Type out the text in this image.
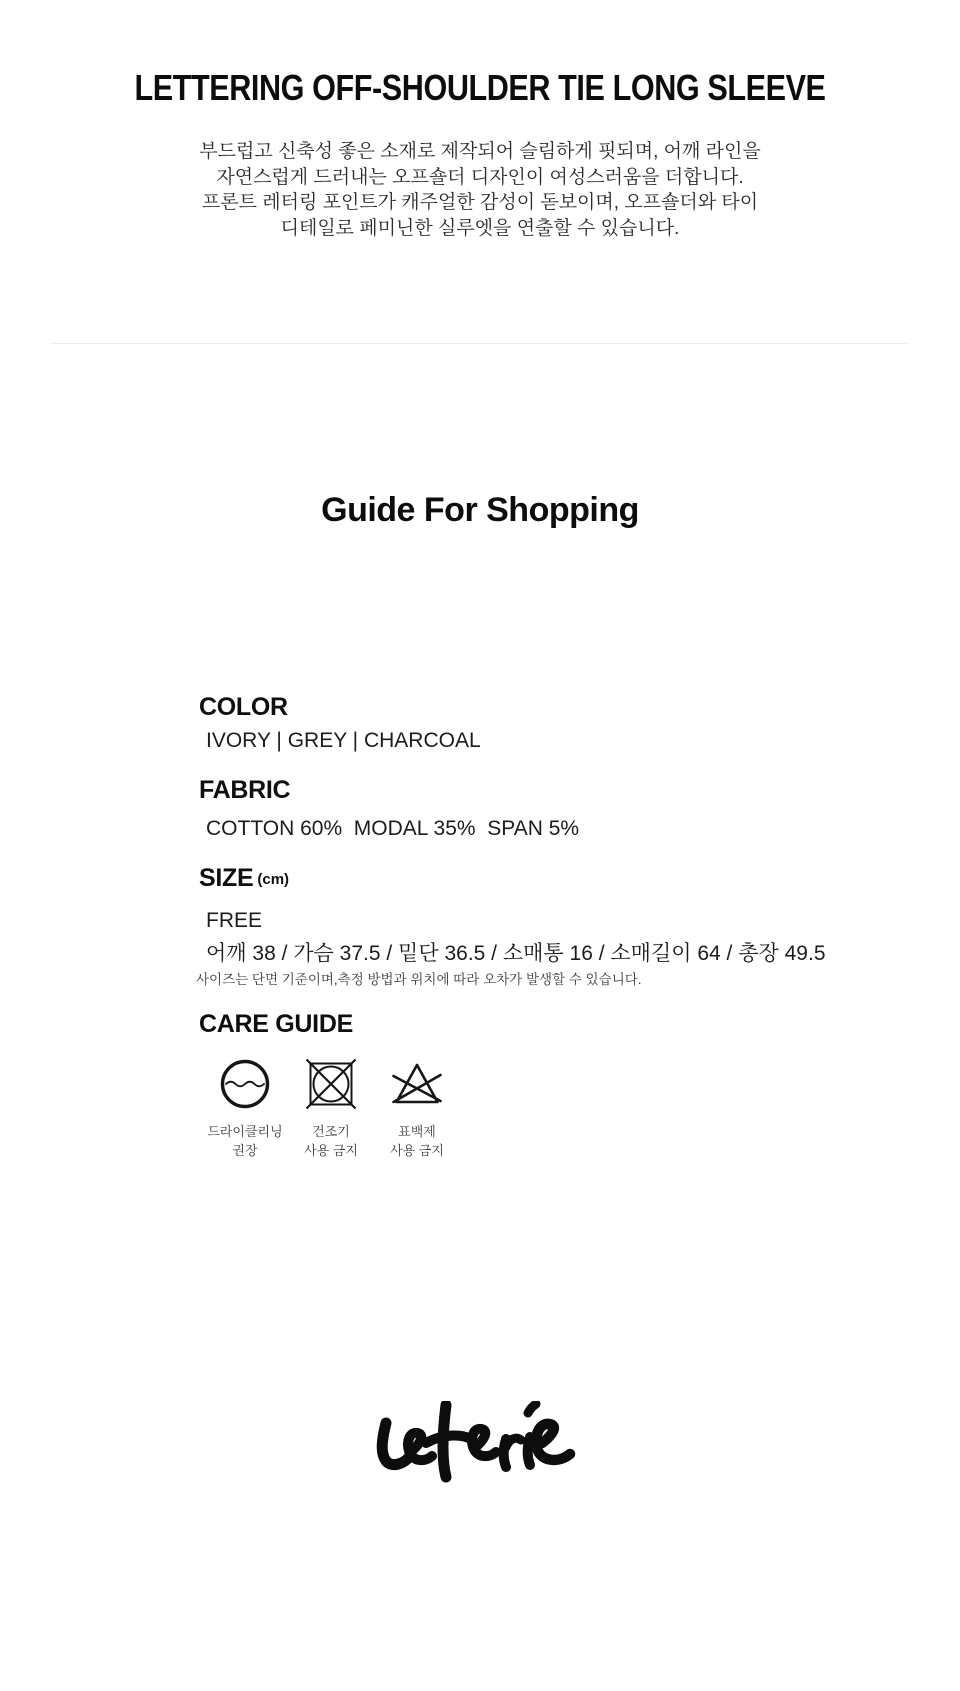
LETTERING OFF-SHOULDER TIE LONG SLEEVE
부드럽고 신축성 좋은 소재로 제작되어 슬림하게 핏되며, 어깨 라인을
자연스럽게 드러내는 오프숄더 디자인이 여성스러움을 더합니다.
프론트 레터링 포인트가 캐주얼한 감성이 돋보이며, 오프숄더와 타이
디테일로 페미닌한 실루엣을 연출할 수 있습니다.
Guide For Shopping
COLOR
IVORY | GREY | CHARCOAL
FABRIC
COTTON 60%  MODAL 35%  SPAN 5%
SIZE (cm)
FREE
어깨 38 / 가슴 37.5 / 밑단 36.5 / 소매통 16 / 소매길이 64 / 총장 49.5
사이즈는 단면 기준이며,측정 방법과 위치에 따라 오차가 발생할 수 있습니다.
CARE GUIDE
드라이클리닝
권장
건조기
사용 금지
표백제
사용 금지
